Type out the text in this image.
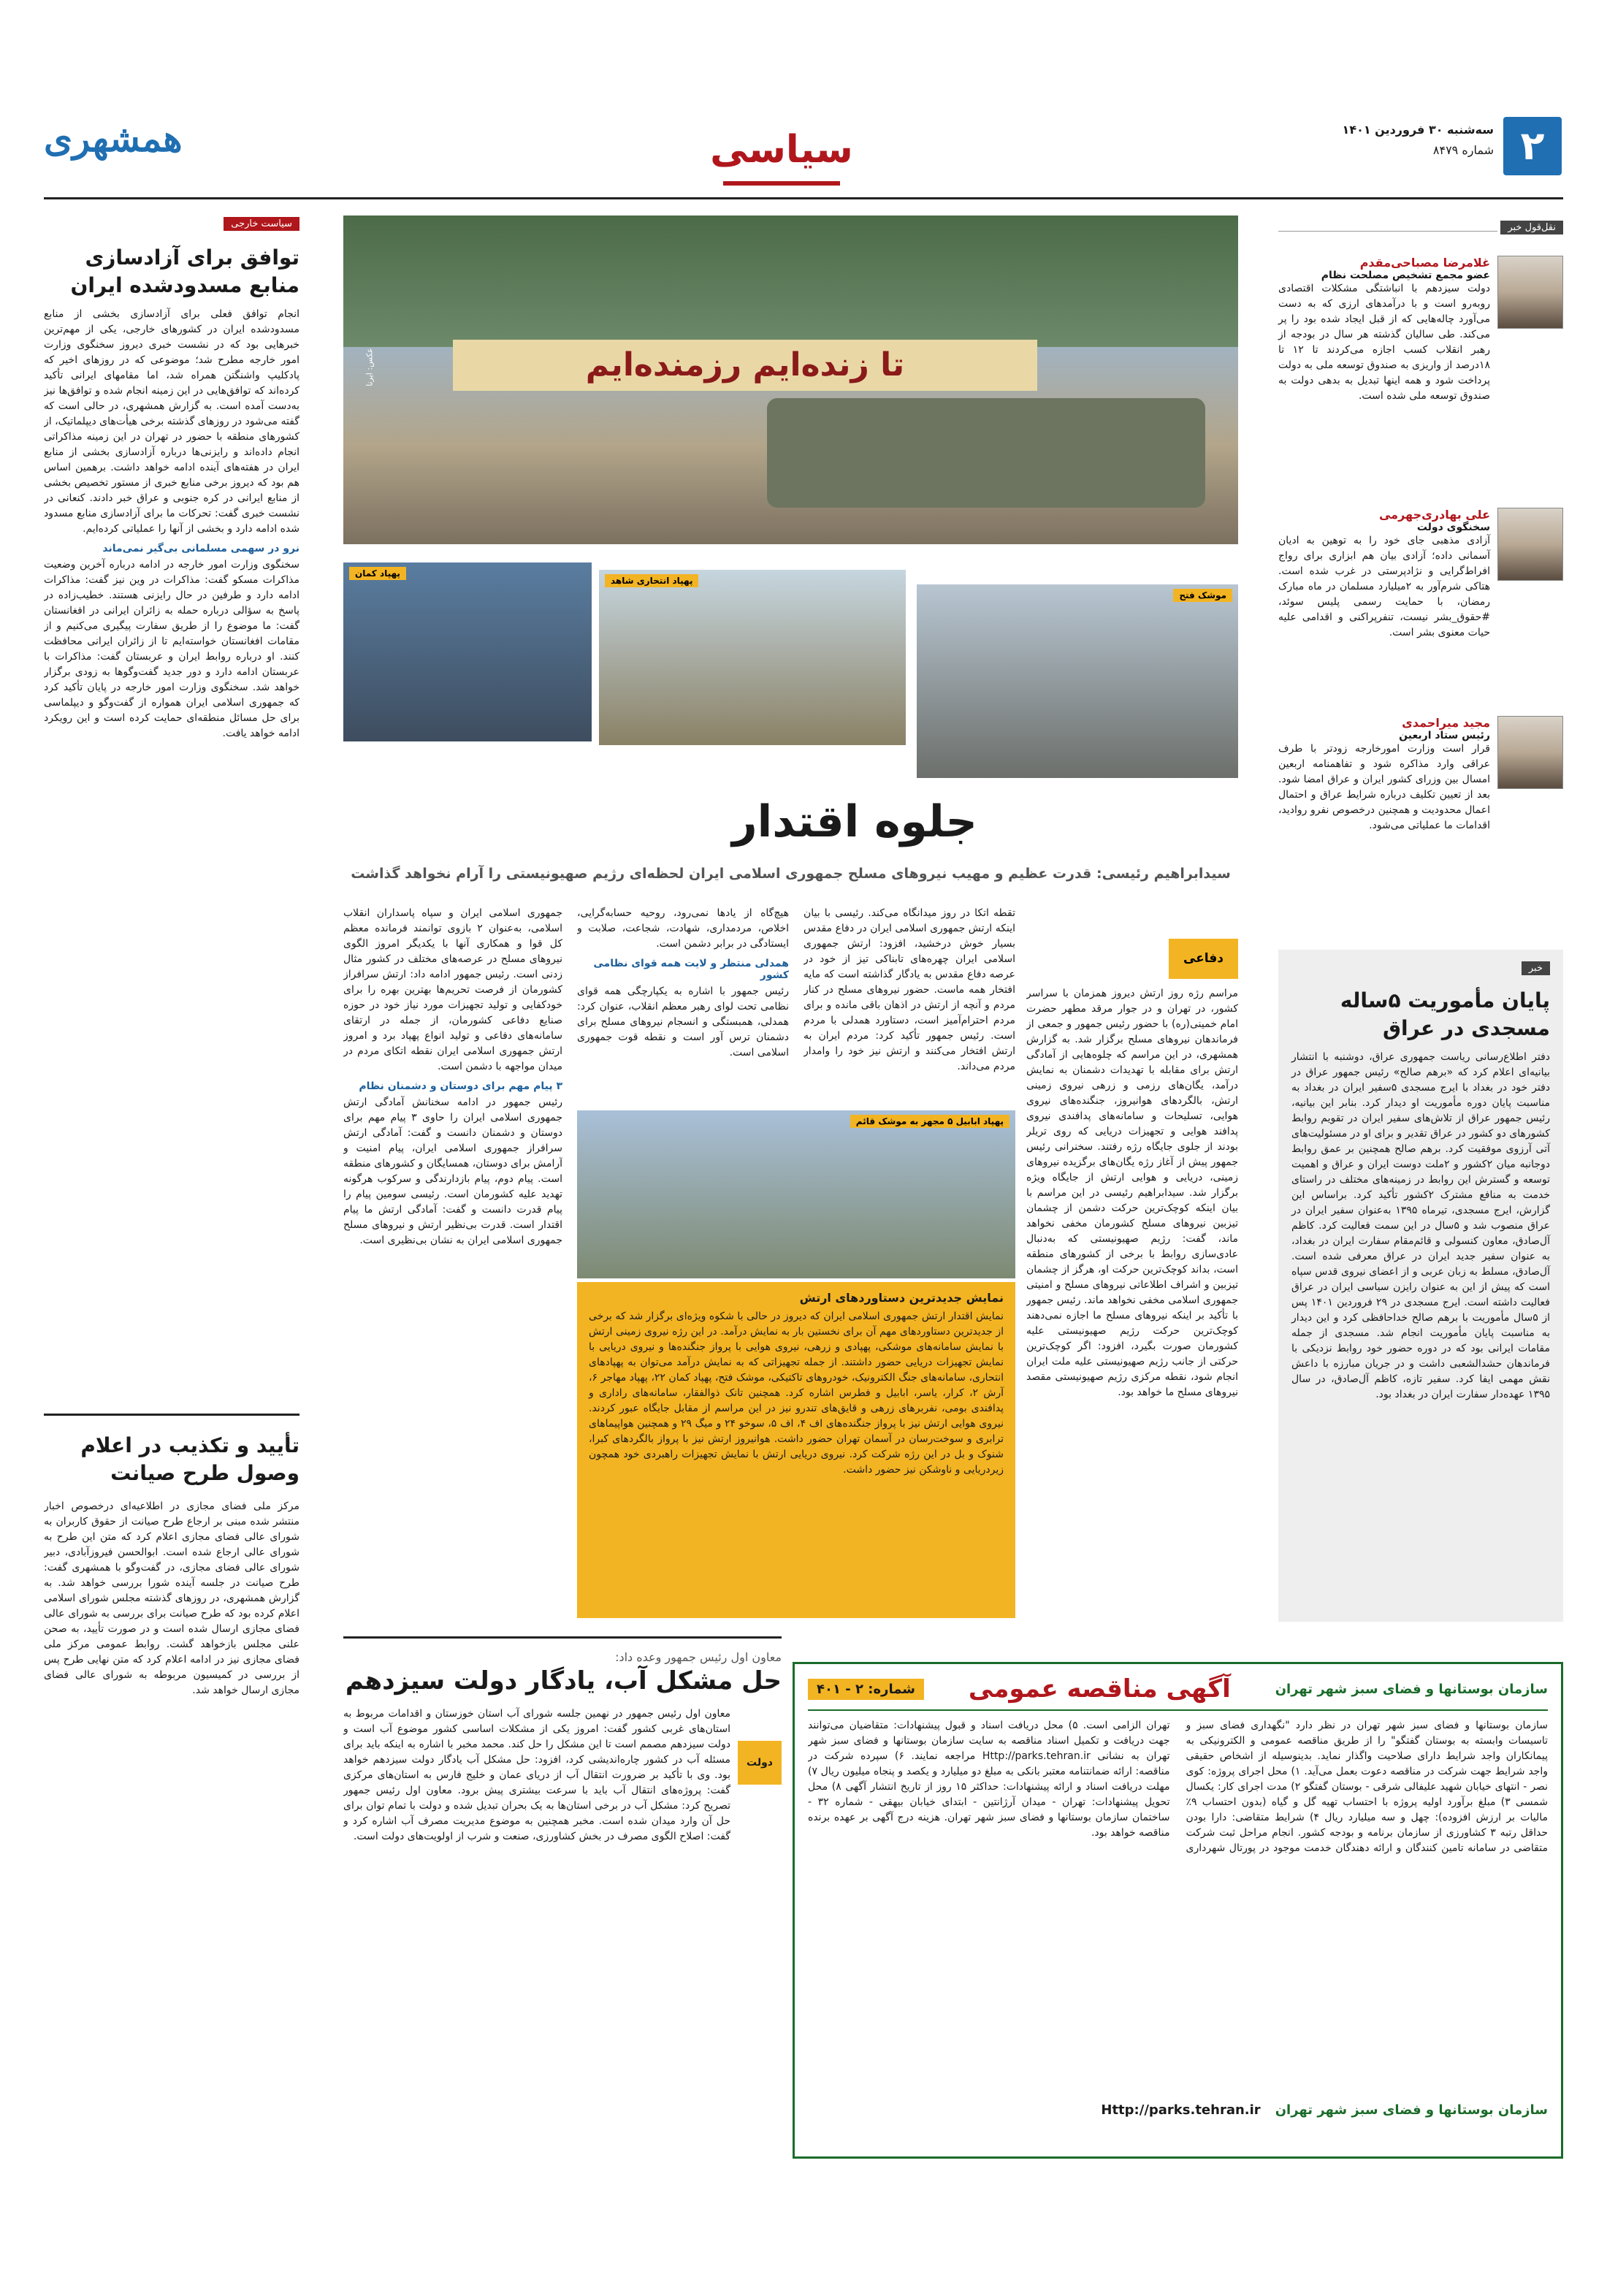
۲
سه‌شنبه ۳۰ فروردین ۱۴۰۱
شماره ۸۴۷۹
سیاسی
همشهری
نقل‌قول خبر
غلامرضا مصباحی‌مقدم
عضو مجمع تشخیص مصلحت نظام

دولت سیزدهم با انباشتگی مشکلات اقتصادی روبه‌رو است و با درآمدهای ارزی که به دست می‌آورد چاله‌هایی که از قبل ایجاد شده بود را پر می‌کند. طی سالیان گذشته هر سال در بودجه از رهبر انقلاب کسب اجازه می‌کردند تا ۱۲ تا ۱۸درصد از واریزی به صندوق توسعه ملی به دولت پرداخت شود و همه اینها تبدیل به بدهی دولت به صندوق توسعه ملی شده است.

علی بهادری‌جهرمی
سخنگوی دولت

آزادی مذهبی جای خود را به توهین به ادیان آسمانی داده؛ آزادی بیان هم ابزاری برای رواج افراط‌گرایی و نژادپرستی در غرب شده است. هتاکی شرم‌آور به ۲میلیارد مسلمان در ماه مبارک رمضان، با حمایت رسمی پلیس سوئد، #حقوق_بشر نیست، تنفرپراکنی و اقدامی علیه حیات معنوی بشر است.

مجید میراحمدی
رئیس ستاد اربعین

قرار است وزارت امورخارجه زودتر با طرف عراقی وارد مذاکره شود و تفاهمنامه اربعین امسال بین وزرای کشور ایران و عراق امضا شود. بعد از تعیین تکلیف درباره شرایط عراق و احتمال اعمال محدودیت و همچنین درخصوص نفرو روادید، اقدامات ما عملیاتی می‌شود.

خبر
پایان مأموریت ۵ساله مسجدی در عراق

دفتر اطلاع‌رسانی ریاست جمهوری عراق، دوشنبه با انتشار بیانیه‌ای اعلام کرد که «برهم صالح» رئیس جمهور عراق در دفتر خود در بغداد با ایرج مسجدی ۵سفیر ایران در بغداد به مناسبت پایان دوره مأموریت او دیدار کرد. بنابر این بیانیه، رئیس جمهور عراق از تلاش‌های سفیر ایران در تقویم روابط کشورهای دو کشور در عراق تقدیر و برای او در مسئولیت‌های آتی آرزوی موفقیت کرد. برهم صالح همچنین بر عمق روابط دوجانبه میان ۲کشور و ۲ملت دوست ایران و عراق و اهمیت توسعه و گسترش این روابط در زمینه‌های مختلف در راستای خدمت به منافع مشترک ۲کشور تأکید کرد. براساس این گزارش، ایرج مسجدی، تیرماه ۱۳۹۵ به‌عنوان سفیر ایران در عراق منصوب شد و ۵سال در این سمت فعالیت کرد. کاظم آل‌صادق، معاون کنسولی و قائم‌مقام سفارت ایران در بغداد، به عنوان سفیر جدید ایران در عراق معرفی شده است. آل‌صادق، مسلط به زبان عربی و از اعضای نیروی قدس سپاه است که پیش از این به عنوان رایزن سیاسی ایران در عراق فعالیت داشته است. ایرج مسجدی در ۲۹ فروردین ۱۴۰۱ پس از ۵سال مأموریت با برهم صالح خداحافظی کرد و این دیدار به مناسبت پایان مأموریت انجام شد. مسجدی از جمله مقامات ایرانی بود که در دوره حضور خود روابط نزدیکی با فرماندهان حشدالشعبی داشت و در جریان مبارزه با داعش نقش مهمی ایفا کرد. سفیر تازه، کاظم آل‌صادق، در سال ۱۳۹۵ عهده‌دار سفارت ایران در بغداد بود.

سیاست خارجی
توافق برای آزادسازی منابع مسدودشده ایران

انجام توافق فعلی برای آزادسازی بخشی از منابع مسدودشده ایران در کشورهای خارجی، یکی از مهم‌ترین خبرهایی بود که در نشست خبری دیروز سخنگوی وزارت امور خارجه مطرح شد؛ موضوعی که در روزهای اخیر که پادکلیپ واشنگتن همراه شد، اما مقامهای ایرانی تأکید کرده‌اند که توافق‌هایی در این زمینه انجام شده و توافق‌ها نیز به‌دست آمده است. به گزارش همشهری، در حالی است که گفته می‌شود در روزهای گذشته برخی هیأت‌های دیپلماتیک، از کشورهای منطقه با حضور در تهران در این زمینه مذاکراتی انجام داده‌اند و رایزنی‌ها درباره آزادسازی بخشی از منابع ایران در هفته‌های آینده ادامه خواهد داشت. برهمین اساس هم بود که دیروز برخی منابع خبری از مستور تخصیص بخشی از منابع ایرانی در کره جنوبی و عراق خبر دادند. کنعانی در نشست خبری گفت: تحرکات ما برای آزادسازی منابع مسدود شده ادامه دارد و بخشی از آنها را عملیاتی کرده‌ایم.

نرو در سهمی مسلمانی بی‌گیر نمی‌ماند

سخنگوی وزارت امور خارجه در ادامه درباره آخرین وضعیت مذاکرات مسکو گفت: مذاکرات در وین نیز گفت: مذاکرات ادامه دارد و طرفین در حال رایزنی هستند. خطیب‌زاده در پاسخ به سؤالی درباره حمله به زائران ایرانی در افغانستان گفت: ما موضوع را از طریق سفارت پیگیری می‌کنیم و از مقامات افغانستان خواسته‌ایم تا از زائران ایرانی محافظت کنند. او درباره روابط ایران و عربستان گفت: مذاکرات با عربستان ادامه دارد و دور جدید گفت‌وگوها به زودی برگزار خواهد شد. سخنگوی وزارت امور خارجه در پایان تأکید کرد که جمهوری اسلامی ایران همواره از گفت‌وگو و دیپلماسی برای حل مسائل منطقه‌ای حمایت کرده است و این رویکرد ادامه خواهد یافت.

تأیید و تکذیب در اعلام وصول طرح صیانت

مرکز ملی فضای مجازی در اطلاعیه‌ای درخصوص اخبار منتشر شده مبنی بر ارجاع طرح صیانت از حقوق کاربران به شورای عالی فضای مجازی اعلام کرد که متن این طرح به شورای عالی ارجاع شده است. ابوالحسن فیروزآبادی، دبیر شورای عالی فضای مجازی، در گفت‌وگو با همشهری گفت: طرح صیانت در جلسه آینده شورا بررسی خواهد شد. به گزارش همشهری، در روزهای گذشته مجلس شورای اسلامی اعلام کرده بود که طرح صیانت برای بررسی به شورای عالی فضای مجازی ارسال شده است و در صورت تأیید، به صحن علنی مجلس بازخواهد گشت. روابط عمومی مرکز ملی فضای مجازی نیز در ادامه اعلام کرد که متن نهایی طرح پس از بررسی در کمیسیون مربوطه به شورای عالی فضای مجازی ارسال خواهد شد.

تا زنده‌ایم رزمنده‌ایم
عکس: ایرنا
پهپاد کمان
پهپاد انتحاری شاهد
موشک فتح
جلوه اقتدار
سیدابراهیم رئیسی: قدرت عظیم و مهیب نیروهای مسلح جمهوری اسلامی ایران لحظه‌ای رژیم صهیونیستی را آرام نخواهد گذاشت
دفاعی

مراسم رژه روز ارتش دیروز همزمان با سراسر کشور، در تهران و در جوار مرقد مطهر حضرت امام خمینی(ره) با حضور رئیس جمهور و جمعی از فرماندهان نیروهای مسلح برگزار شد. به گزارش همشهری، در این مراسم که چلوه‌هایی از آمادگی ارتش برای مقابله با تهدیدات دشمنان به نمایش درآمد، یگان‌های رزمی و زرهی نیروی زمینی ارتش، بالگردهای هوانیروز، جنگنده‌های نیروی هوایی، تسلیحات و سامانه‌های پدافندی نیروی پدافند هوایی و تجهیزات دریایی که روی تریلر بودند از جلوی جایگاه رژه رفتند. سخنرانی رئیس جمهور پیش از آغاز رژه یگان‌های برگزیده نیروهای زمینی، دریایی و هوایی ارتش از جایگاه ویژه برگزار شد. سیدابراهیم رئیسی در این مراسم با بیان اینکه کوچک‌ترین حرکت دشمن از چشمان تیزبین نیروهای مسلح کشورمان مخفی نخواهد ماند، گفت: رژیم صهیونیستی که به‌دنبال عادی‌سازی روابط با برخی از کشورهای منطقه است، بداند کوچک‌ترین حرکت او، هرگز از چشمان تیزبین و اشراف اطلاعاتی نیروهای مسلح و امنیتی جمهوری اسلامی مخفی نخواهد ماند. رئیس جمهور با تأکید بر اینکه نیروهای مسلح ما اجازه نمی‌دهند کوچک‌ترین حرکت رژیم صهیونیستی علیه کشورمان صورت بگیرد، افزود: اگر کوچک‌ترین حرکتی از جانب رژیم صهیونیستی علیه ملت ایران انجام شود، نقطه مرکزی رژیم صهیونیستی مقصد نیروهای مسلح ما خواهد بود.

تقطه اتکا در روز میدانگاه می‌کند. رئیسی با بیان اینکه ارتش جمهوری اسلامی ایران در دفاع مقدس بسیار خوش درخشید، افزود: ارتش جمهوری اسلامی ایران چهره‌های تابناکی تیز از خود در عرصه دفاع مقدس به یادگار گذاشته است که مایه افتخار همه ماست. حضور نیروهای مسلح در کنار مردم و آنچه از ارتش در اذهان باقی مانده و برای مردم احترام‌آمیز است، دستاورد همدلی با مردم است. رئیس جمهور تأکید کرد: مردم ایران به ارتش افتخار می‌کنند و ارتش نیز خود را وامدار مردم می‌داند.

هیچ‌گاه از یادها نمی‌رود، روحیه حسابه‌گرایی، اخلاص، مردمداری، شهادت، شجاعت، صلابت و ایستادگی در برابر دشمن است.

همدلی منتظر و لایت همه قوای نظامی کشور

رئیس جمهور با اشاره به یکپارچگی همه قوای نظامی تحت لوای رهبر معظم انقلاب، عنوان کرد: همدلی، همبستگی و انسجام نیروهای مسلح برای دشمنان ترس آور است و نقطه قوت جمهوری اسلامی است.

جمهوری اسلامی ایران و سپاه پاسداران انقلاب اسلامی، به‌عنوان ۲ بازوی توانمند فرمانده معظم کل قوا و همکاری آنها با یکدیگر امروز الگوی نیروهای مسلح در عرصه‌های مختلف در کشور مثال زدنی است. رئیس جمهور ادامه داد: ارتش سرافراز کشورمان از فرصت تحریم‌ها بهترین بهره را برای خودکفایی و تولید تجهیزات مورد نیاز خود در حوزه صنایع دفاعی کشورمان، از جمله در ارتقای سامانه‌های دفاعی و تولید انواع پهپاد برد و امروز ارتش جمهوری اسلامی ایران نقطه اتکای مردم در میدان مواجهه با دشمن است.

۳ پیام مهم برای دوستان و دشمنان نظام

رئیس جمهور در ادامه سخنانش آمادگی ارتش جمهوری اسلامی ایران را حاوی ۳ پیام مهم برای دوستان و دشمنان دانست و گفت: آمادگی ارتش سرافراز جمهوری اسلامی ایران، پیام امنیت و آرامش برای دوستان، همسایگان و کشورهای منطقه است. پیام دوم، پیام بازدارندگی و سرکوب هرگونه تهدید علیه کشورمان است. رئیسی سومین پیام را پیام قدرت دانست و گفت: آمادگی ارتش ما پیام اقتدار است. قدرت بی‌نظیر ارتش و نیروهای مسلح جمهوری اسلامی ایران به نشان بی‌نظیری است.

پهپاد ابابیل ۵ مجهز به موشک قائم
نمایش جدیدترین دستاوردهای ارتش

نمایش اقتدار ارتش جمهوری اسلامی ایران که دیروز در حالی با شکوه ویژه‌ای برگزار شد که برخی از جدیدترین دستاوردهای مهم آن برای نخستین بار به نمایش درآمد. در این رژه نیروی زمینی ارتش با نمایش سامانه‌های موشکی، پهپادی و زرهی، نیروی هوایی با پرواز جنگنده‌ها و نیروی دریایی با نمایش تجهیزات دریایی حضور داشتند. از جمله تجهیزاتی که به نمایش درآمد می‌توان به پهپادهای انتحاری، سامانه‌های جنگ الکترونیک، خودروهای تاکتیکی، موشک فتح، پهپاد کمان ۲۲، پهپاد مهاجر ۶، آرش ۲، کرار، یاسر، ابابیل و فطرس اشاره کرد. همچنین تانک ذوالفقار، سامانه‌های راداری و پدافندی بومی، نفربرهای زرهی و قایق‌های تندرو نیز در این مراسم از مقابل جایگاه عبور کردند. نیروی هوایی ارتش نیز با پرواز جنگنده‌های اف ۴، اف ۵، سوخو ۲۴ و میگ ۲۹ و همچنین هواپیماهای ترابری و سوخت‌رسان در آسمان تهران حضور داشت. هوانیروز ارتش نیز با پرواز بالگردهای کبرا، شنوک و بل در این رژه شرکت کرد. نیروی دریایی ارتش با نمایش تجهیزات راهبردی خود همچون زیردریایی و ناوشکن نیز حضور داشت.

معاون اول رئیس جمهور وعده داد:
حل مشکل آب، یادگار دولت سیزدهم
دولت

معاون اول رئیس جمهور در نهمین جلسه شورای آب استان خوزستان و اقدامات مربوط به استان‌های غربی کشور گفت: امروز یکی از مشکلات اساسی کشور موضوع آب است و دولت سیزدهم مصمم است تا این مشکل را حل کند. محمد مخبر با اشاره به اینکه باید برای مسئله آب در کشور چاره‌اندیشی کرد، افزود: حل مشکل آب یادگار دولت سیزدهم خواهد بود. وی با تأکید بر ضرورت انتقال آب از دریای عمان و خلیج فارس به استان‌های مرکزی گفت: پروژه‌های انتقال آب باید با سرعت بیشتری پیش برود. معاون اول رئیس جمهور تصریح کرد: مشکل آب در برخی استان‌ها به یک بحران تبدیل شده و دولت با تمام توان برای حل آن وارد میدان شده است. مخبر همچنین به موضوع مدیریت مصرف آب اشاره کرد و گفت: اصلاح الگوی مصرف در بخش کشاورزی، صنعت و شرب از اولویت‌های دولت است.

سازمان بوستانها و فضای سبز شهر تهران
آگهی مناقصه عمومی
شماره: ۲ - ۴۰۱

سازمان بوستانها و فضای سبز شهر تهران در نظر دارد "نگهداری فضای سبز و تاسیسات وابسته به بوستان گفتگو" را از طریق مناقصه عمومی و الکترونیکی به پیمانکاران واجد شرایط دارای صلاحیت واگذار نماید. بدینوسیله از اشخاص حقیقی واجد شرایط جهت شرکت در مناقصه دعوت بعمل می‌آید. ۱) محل اجرای پروژه: کوی نصر - انتهای خیابان شهید علیفالی شرقی - بوستان گفتگو ۲) مدت اجرای کار: یکسال شمسی ۳) مبلغ برآورد اولیه پروژه با احتساب تهیه گل و گیاه (بدون احتساب ۹٪ مالیات بر ارزش افزوده): چهل و سه میلیارد ریال ۴) شرایط متقاضی: دارا بودن حداقل رتبه ۳ کشاورزی از سازمان برنامه و بودجه کشور. انجام مراحل ثبت شرکت متقاضی در سامانه تامین کنندگان و ارائه دهندگان خدمت موجود در پورتال شهرداری تهران الزامی است. ۵) محل دریافت اسناد و قبول پیشنهادات: متقاضیان می‌توانند جهت دریافت و تکمیل اسناد مناقصه به سایت سازمان بوستانها و فضای سبز شهر تهران به نشانی Http://parks.tehran.ir مراجعه نمایند. ۶) سپرده شرکت در مناقصه: ارائه ضمانتنامه معتبر بانکی به مبلغ دو میلیارد و یکصد و پنجاه میلیون ریال ۷) مهلت دریافت اسناد و ارائه پیشنهادات: حداکثر ۱۵ روز از تاریخ انتشار آگهی ۸) محل تحویل پیشنهادات: تهران - میدان آرژانتین - ابتدای خیابان بیهقی - شماره ۳۲ - ساختمان سازمان بوستانها و فضای سبز شهر تهران. هزینه درج آگهی بر عهده برنده مناقصه خواهد بود.

سازمان بوستانها و فضای سبز شهر تهران
Http://parks.tehran.ir
